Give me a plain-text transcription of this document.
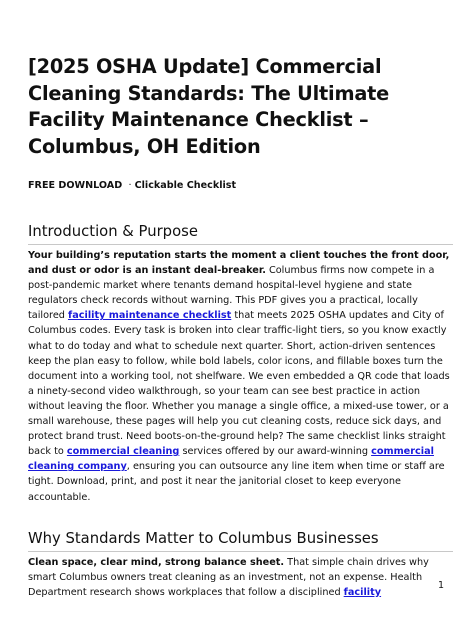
[2025 OSHA Update] Commercial Cleaning Standards: The Ultimate Facility Maintenance Checklist – Columbus, OH Edition
FREE DOWNLOAD · Clickable Checklist
Introduction & Purpose

Your building’s reputation starts the moment a client touches the front door, and dust or odor is an instant deal-breaker. Columbus firms now compete in a post-pandemic market where tenants demand hospital-level hygiene and state regulators check records without warning. This PDF gives you a practical, locally tailored facility maintenance checklist that meets 2025 OSHA updates and City of Columbus codes. Every task is broken into clear traffic-light tiers, so you know exactly what to do today and what to schedule next quarter. Short, action-driven sentences keep the plan easy to follow, while bold labels, color icons, and fillable boxes turn the document into a working tool, not shelfware. We even embedded a QR code that loads a ninety-second video walkthrough, so your team can see best practice in action without leaving the floor. Whether you manage a single office, a mixed-use tower, or a small warehouse, these pages will help you cut cleaning costs, reduce sick days, and protect brand trust. Need boots-on-the-ground help? The same checklist links straight back to commercial cleaning services offered by our award-winning commercial cleaning company, ensuring you can outsource any line item when time or staff are tight. Download, print, and post it near the janitorial closet to keep everyone accountable.

Why Standards Matter to Columbus Businesses

Clean space, clear mind, strong balance sheet. That simple chain drives why smart Columbus owners treat cleaning as an investment, not an expense. Health Department research shows workplaces that follow a disciplined facility

1
